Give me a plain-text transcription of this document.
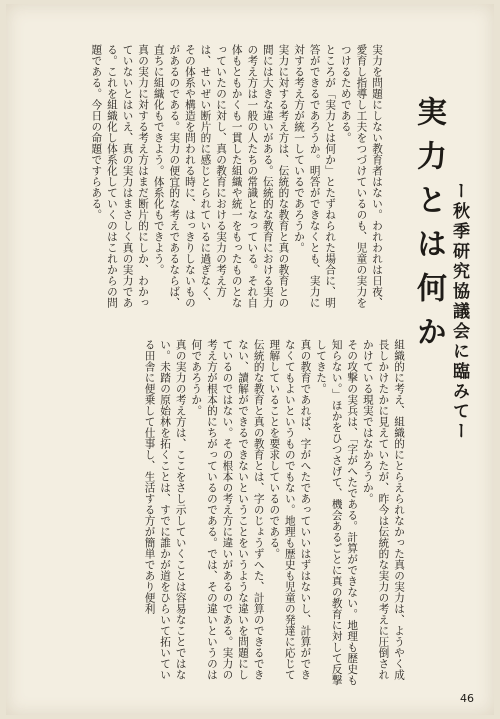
実力を問題にしない教育者はない。われわれは日夜、愛育し指導し工夫をつづけているのも、児童の実力をつけるためである。
ところが「実力とは何か」とたずねられた場合に、明答ができるであろうか。明答ができなくとも、実力に対する考え方が統一しているであろうか。
実力に対する考え方は、伝統的な教育と真の教育との間には大きな違いがある。伝統的な教育における実力の考え方は一般の人たちの常識となっている。それ自体もともかくも一貫した組織や統一をもったものとなっていたのに対し、真の教育における実力の考え方は、せいぜい断片的に感じとられているに過ぎなく、その体系や構造を問われる時に、はっきりしないものがあるのである。実力の便宜的な考えであるならば、直ちに組織化もできよう。体系化もできよう。
真の実力に対する考え方はまだ断片的にしか、わかっていないとはいえ、真の実力はまさしく真の実力である。これを組織化し体系化していくのはこれからの問題である。今日の命題ですらある。	実力とは何か ー秋季研究協議会に臨みてー
組織的に考え、組織的にとらえられなかった真の実力は、ようやく成長しかけたかに見えていたが、昨今は伝統的な実力の考えに圧倒されかけている現実ではなかろうか。
その攻撃の実兵は、「字がへたである。計算ができない。地理も歴史も知らない。」ほかをひつさげて、機会あるごとに真の教育に対して反撃してきた。
真の教育であれば、字がへたであっていいはずはないし、計算ができなくてもよいというものでもない。地理も歴史も児童の発達に応じて理解していることを要求しているのである。
伝統的な教育と真の教育とは、字のじょうずへた、計算のできるできない、讀解ができるできないということをいうような違いを問題にしているのではない。その根本の考え方に違いがあるのである。実力の考え方が根本的にちがっているのである。では、その違いというのは何であろうか。
真の実力の考え方は、ここをさし示していくことは容易なことではない。未踏の原始林を拓くことは、すでに誰かが道をひらいて拓いている田舎に便乗して仕事し、生活する方が簡単であり便利
46
